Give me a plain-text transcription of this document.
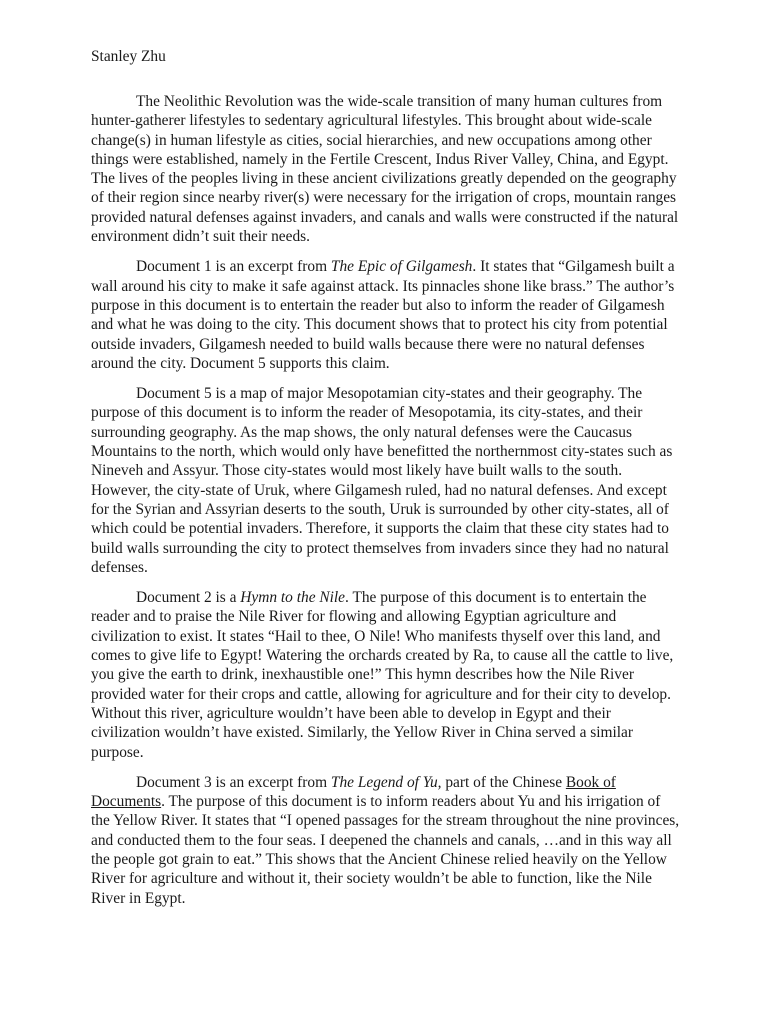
Stanley Zhu

The Neolithic Revolution was the wide-scale transition of many human cultures from hunter-gatherer lifestyles to sedentary agricultural lifestyles. This brought about wide-scale change(s) in human lifestyle as cities, social hierarchies, and new occupations among other things were established, namely in the Fertile Crescent, Indus River Valley, China, and Egypt. The lives of the peoples living in these ancient civilizations greatly depended on the geography of their region since nearby river(s) were necessary for the irrigation of crops, mountain ranges provided natural defenses against invaders, and canals and walls were constructed if the natural environment didn’t suit their needs.

Document 1 is an excerpt from The Epic of Gilgamesh. It states that “Gilgamesh built a wall around his city to make it safe against attack. Its pinnacles shone like brass.” The author’s purpose in this document is to entertain the reader but also to inform the reader of Gilgamesh and what he was doing to the city. This document shows that to protect his city from potential outside invaders, Gilgamesh needed to build walls because there were no natural defenses around the city. Document 5 supports this claim.

Document 5 is a map of major Mesopotamian city-states and their geography. The purpose of this document is to inform the reader of Mesopotamia, its city-states, and their surrounding geography. As the map shows, the only natural defenses were the Caucasus Mountains to the north, which would only have benefitted the northernmost city-states such as Nineveh and Assyur. Those city-states would most likely have built walls to the south. However, the city-state of Uruk, where Gilgamesh ruled, had no natural defenses. And except for the Syrian and Assyrian deserts to the south, Uruk is surrounded by other city-states, all of which could be potential invaders. Therefore, it supports the claim that these city states had to build walls surrounding the city to protect themselves from invaders since they had no natural defenses.

Document 2 is a Hymn to the Nile. The purpose of this document is to entertain the reader and to praise the Nile River for flowing and allowing Egyptian agriculture and civilization to exist. It states “Hail to thee, O Nile! Who manifests thyself over this land, and comes to give life to Egypt! Watering the orchards created by Ra, to cause all the cattle to live, you give the earth to drink, inexhaustible one!” This hymn describes how the Nile River provided water for their crops and cattle, allowing for agriculture and for their city to develop. Without this river, agriculture wouldn’t have been able to develop in Egypt and their civilization wouldn’t have existed. Similarly, the Yellow River in China served a similar purpose.

Document 3 is an excerpt from The Legend of Yu, part of the Chinese Book of Documents. The purpose of this document is to inform readers about Yu and his irrigation of the Yellow River. It states that “I opened passages for the stream throughout the nine provinces, and conducted them to the four seas. I deepened the channels and canals, …and in this way all the people got grain to eat.” This shows that the Ancient Chinese relied heavily on the Yellow River for agriculture and without it, their society wouldn’t be able to function, like the Nile River in Egypt.
